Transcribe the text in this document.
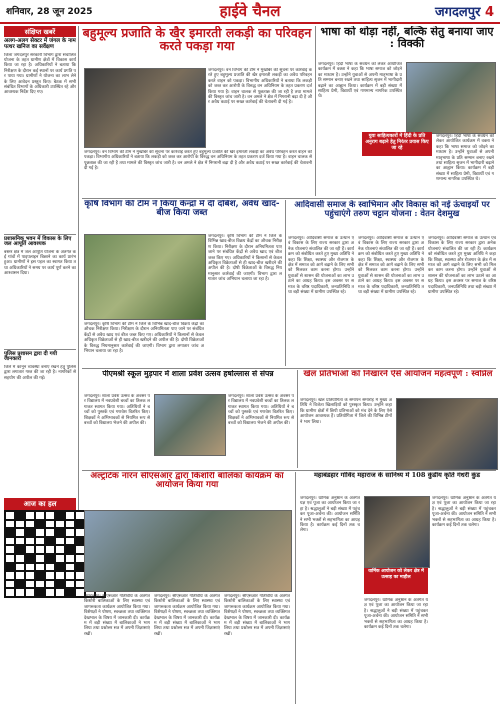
शनिवार, 28 जून 2025	हाईवे चैनल	जगदलपुर 4
संक्षिप्त खबरें
अलग-अलग सेक्टर में जंगल के नाम
पत्थर खनिज का सर्वेक्षण
जिला जगदलपुर सरकारी विभाग द्वारा संचालित योजना के तहत ग्रामीण क्षेत्रों में विकास कार्य किया जा रहा है। अधिकारियों ने बताया कि निरीक्षण के दौरान कई स्थानों पर कार्य प्रगति पर पाया गया। ग्रामीणों ने योजना का लाभ लेने के लिए आवेदन प्रस्तुत किए। बैठक में सभी संबंधित विभागों के अधिकारी उपस्थित रहे और आवश्यक निर्देश दिए गए।
प्रशासनिक भवन में विकास के लिए जल आपूर्ति आवश्यक
बस्तर क्षेत्र में जल आपूर्ति योजना के अंतर्गत कई गांवों में पाइपलाइन बिछाने का कार्य प्रारंभ हुआ। ग्रामीणों ने इस पहल का स्वागत किया तथा अधिकारियों ने समय पर कार्य पूर्ण करने का आश्वासन दिया।
पुलिस प्रशासन द्वारा दी गयी जानकारी
जिले में कानून व्यवस्था बनाए रखने हेतु पुलिस द्वारा लगातार गश्त की जा रही है। नागरिकों से सहयोग की अपील की गई।
बहुमूल्य प्रजाति के खैर इमारती लकड़ी का परिवहन करते पकड़ा गया
जगदलपुर। वन विभाग की टीम ने मुखबिर की सूचना पर कार्रवाई करते हुए बहुमूल्य प्रजाति की खैर इमारती लकड़ी का अवैध परिवहन करते वाहन को पकड़ा। विभागीय अधिकारियों ने बताया कि लकड़ी को जब्त कर आरोपी के विरुद्ध वन अधिनियम के तहत प्रकरण दर्ज किया गया है। वाहन चालक से पूछताछ की जा रही है तथा मामले की विस्तृत जांच जारी है। वन अमले ने क्षेत्र में निगरानी बढ़ा दी है और अवैध कटाई पर सख्त कार्रवाई की चेतावनी दी गई है।
जगदलपुर। वन विभाग की टीम ने मुखबिर की सूचना पर कार्रवाई करते हुए बहुमूल्य प्रजाति की खैर इमारती लकड़ी का अवैध परिवहन करते वाहन को पकड़ा। विभागीय अधिकारियों ने बताया कि लकड़ी को जब्त कर आरोपी के विरुद्ध वन अधिनियम के तहत प्रकरण दर्ज किया गया है। वाहन चालक से पूछताछ की जा रही है तथा मामले की विस्तृत जांच जारी है। वन अमले ने क्षेत्र में निगरानी बढ़ा दी है और अवैध कटाई पर सख्त कार्रवाई की चेतावनी दी गई है।
भाषा को थोड़ा नहीं, बल्कि सेतु बनाया जाए : विक्की
जगदलपुर। हिंदी भाषा के संवर्धन को लेकर आयोजित कार्यक्रम में वक्ता ने कहा कि भाषा समाज को जोड़ने का माध्यम है। उन्होंने युवाओं से अपनी मातृभाषा के प्रति सम्मान बनाए रखने तथा साहित्य सृजन में भागीदारी बढ़ाने का आह्वान किया। कार्यक्रम में बड़ी संख्या में साहित्य प्रेमी, विद्यार्थी एवं गणमान्य नागरिक उपस्थित थे।
युवा साहित्यकारों में हिंदी के प्रति अनुराग बढ़ाने हेतु निरंतर प्रयास किए जा रहे
जगदलपुर। हिंदी भाषा के संवर्धन को लेकर आयोजित कार्यक्रम में वक्ता ने कहा कि भाषा समाज को जोड़ने का माध्यम है। उन्होंने युवाओं से अपनी मातृभाषा के प्रति सम्मान बनाए रखने तथा साहित्य सृजन में भागीदारी बढ़ाने का आह्वान किया। कार्यक्रम में बड़ी संख्या में साहित्य प्रेमी, विद्यार्थी एवं गणमान्य नागरिक उपस्थित थे।
कृषि विभाग की टीम ने किया केन्द्रों में दी दबिश, अवैध खाद-बीज किया जब्त
जगदलपुर। कृषि विभाग की टीम ने जिले के विभिन्न खाद-बीज विक्रय केंद्रों का औचक निरीक्षण किया। निरीक्षण के दौरान अनियमितता पाए जाने पर संबंधित केंद्रों से अवैध खाद एवं बीज जब्त किए गए। अधिकारियों ने किसानों से केवल अधिकृत विक्रेताओं से ही खाद-बीज खरीदने की अपील की है। दोषी विक्रेताओं के विरुद्ध नियमानुसार कार्रवाई की जाएगी। विभाग द्वारा लगातार जांच अभियान चलाया जा रहा है।
जगदलपुर। कृषि विभाग की टीम ने जिले के विभिन्न खाद-बीज विक्रय केंद्रों का औचक निरीक्षण किया। निरीक्षण के दौरान अनियमितता पाए जाने पर संबंधित केंद्रों से अवैध खाद एवं बीज जब्त किए गए। अधिकारियों ने किसानों से केवल अधिकृत विक्रेताओं से ही खाद-बीज खरीदने की अपील की है। दोषी विक्रेताओं के विरुद्ध नियमानुसार कार्रवाई की जाएगी। विभाग द्वारा लगातार जांच अभियान चलाया जा रहा है।
आदिवासी समाज के स्वाभिमान और विकास को नई ऊंचाइयों पर पहुंचाएंगे तरुण चट्टान योजना : वेतन देशमुख
जगदलपुर। आदिवासी समाज के उत्थान एवं विकास के लिए राज्य सरकार द्वारा अनेक योजनाएं संचालित की जा रही हैं। कार्यक्रम को संबोधित करते हुए मुख्य अतिथि ने कहा कि शिक्षा, स्वास्थ्य और रोजगार के क्षेत्र में समाज को आगे बढ़ाने के लिए सभी को मिलकर काम करना होगा। उन्होंने युवाओं से शासन की योजनाओं का लाभ उठाने का आग्रह किया। इस अवसर पर समाज के वरिष्ठ पदाधिकारी, जनप्रतिनिधि तथा बड़ी संख्या में ग्रामीण उपस्थित रहे।
जगदलपुर। आदिवासी समाज के उत्थान एवं विकास के लिए राज्य सरकार द्वारा अनेक योजनाएं संचालित की जा रही हैं। कार्यक्रम को संबोधित करते हुए मुख्य अतिथि ने कहा कि शिक्षा, स्वास्थ्य और रोजगार के क्षेत्र में समाज को आगे बढ़ाने के लिए सभी को मिलकर काम करना होगा। उन्होंने युवाओं से शासन की योजनाओं का लाभ उठाने का आग्रह किया। इस अवसर पर समाज के वरिष्ठ पदाधिकारी, जनप्रतिनिधि तथा बड़ी संख्या में ग्रामीण उपस्थित रहे।
जगदलपुर। आदिवासी समाज के उत्थान एवं विकास के लिए राज्य सरकार द्वारा अनेक योजनाएं संचालित की जा रही हैं। कार्यक्रम को संबोधित करते हुए मुख्य अतिथि ने कहा कि शिक्षा, स्वास्थ्य और रोजगार के क्षेत्र में समाज को आगे बढ़ाने के लिए सभी को मिलकर काम करना होगा। उन्होंने युवाओं से शासन की योजनाओं का लाभ उठाने का आग्रह किया। इस अवसर पर समाज के वरिष्ठ पदाधिकारी, जनप्रतिनिधि तथा बड़ी संख्या में ग्रामीण उपस्थित रहे।
पीएमश्री स्कूल मुड़पार में शाला प्रवेश उत्सव हर्षोल्लास से संपन्न
जगदलपुर। शाला प्रवेश उत्सव के अवसर पर विद्यालय में नवप्रवेशी बच्चों का तिलक लगाकर स्वागत किया गया। अतिथियों ने बच्चों को पुस्तकें एवं गणवेश वितरित किए। शिक्षकों ने अभिभावकों से नियमित रूप से बच्चों को विद्यालय भेजने की अपील की।
जगदलपुर। शाला प्रवेश उत्सव के अवसर पर विद्यालय में नवप्रवेशी बच्चों का तिलक लगाकर स्वागत किया गया। अतिथियों ने बच्चों को पुस्तकें एवं गणवेश वितरित किए। शिक्षकों ने अभिभावकों से नियमित रूप से बच्चों को विद्यालय भेजने की अपील की।
खेल प्रतिभाओं को निखारने ऐसे आयोजन महत्वपूर्ण : स्वप्निल
जगदलपुर। खेल प्रतियोगिता के समापन समारोह में मुख्य अतिथि ने विजेता खिलाड़ियों को पुरस्कृत किया। उन्होंने कहा कि ग्रामीण क्षेत्रों में छिपी प्रतिभाओं को मंच देने के लिए ऐसे आयोजन आवश्यक हैं। प्रतियोगिता में जिले की विभिन्न टीमों ने भाग लिया।
आज का हल
अल्ट्राटेक नारन सीएसआर द्वारा किशोरी बालिका कार्यक्रम का आयोजन किया गया
जगदलपुर। सीएसआर गतिविधि के अंतर्गत किशोरी बालिकाओं के लिए स्वास्थ्य एवं जागरूकता कार्यक्रम आयोजित किया गया। विशेषज्ञों ने पोषण, स्वच्छता तथा व्यक्तिगत देखभाल के विषय में जानकारी दी। कार्यक्रम में बड़ी संख्या में बालिकाओं ने भाग लिया तथा प्रश्नोत्तर सत्र में अपनी जिज्ञासाएं रखीं।
जगदलपुर। सीएसआर गतिविधि के अंतर्गत किशोरी बालिकाओं के लिए स्वास्थ्य एवं जागरूकता कार्यक्रम आयोजित किया गया। विशेषज्ञों ने पोषण, स्वच्छता तथा व्यक्तिगत देखभाल के विषय में जानकारी दी। कार्यक्रम में बड़ी संख्या में बालिकाओं ने भाग लिया तथा प्रश्नोत्तर सत्र में अपनी जिज्ञासाएं रखीं।
जगदलपुर। सीएसआर गतिविधि के अंतर्गत किशोरी बालिकाओं के लिए स्वास्थ्य एवं जागरूकता कार्यक्रम आयोजित किया गया। विशेषज्ञों ने पोषण, स्वच्छता तथा व्यक्तिगत देखभाल के विषय में जानकारी दी। कार्यक्रम में बड़ी संख्या में बालिकाओं ने भाग लिया तथा प्रश्नोत्तर सत्र में अपनी जिज्ञासाएं रखीं।
महाबंडहार गोविंद महाराज के सानिध्य में 108 कुंडीय कृति गंधरी कुंड
जगदलपुर। धार्मिक अनुष्ठान के अंतर्गत यज्ञ एवं पूजा का आयोजन किया जा रहा है। श्रद्धालुओं ने बड़ी संख्या में पहुंचकर पूजा-अर्चना की। आयोजन समिति ने सभी भक्तों से सहभागिता का आग्रह किया है। कार्यक्रम कई दिनों तक चलेगा।
धार्मिक आयोजन को लेकर क्षेत्र में उत्साह का माहौल
जगदलपुर। धार्मिक अनुष्ठान के अंतर्गत यज्ञ एवं पूजा का आयोजन किया जा रहा है। श्रद्धालुओं ने बड़ी संख्या में पहुंचकर पूजा-अर्चना की। आयोजन समिति ने सभी भक्तों से सहभागिता का आग्रह किया है। कार्यक्रम कई दिनों तक चलेगा।
जगदलपुर। धार्मिक अनुष्ठान के अंतर्गत यज्ञ एवं पूजा का आयोजन किया जा रहा है। श्रद्धालुओं ने बड़ी संख्या में पहुंचकर पूजा-अर्चना की। आयोजन समिति ने सभी भक्तों से सहभागिता का आग्रह किया है। कार्यक्रम कई दिनों तक चलेगा।
